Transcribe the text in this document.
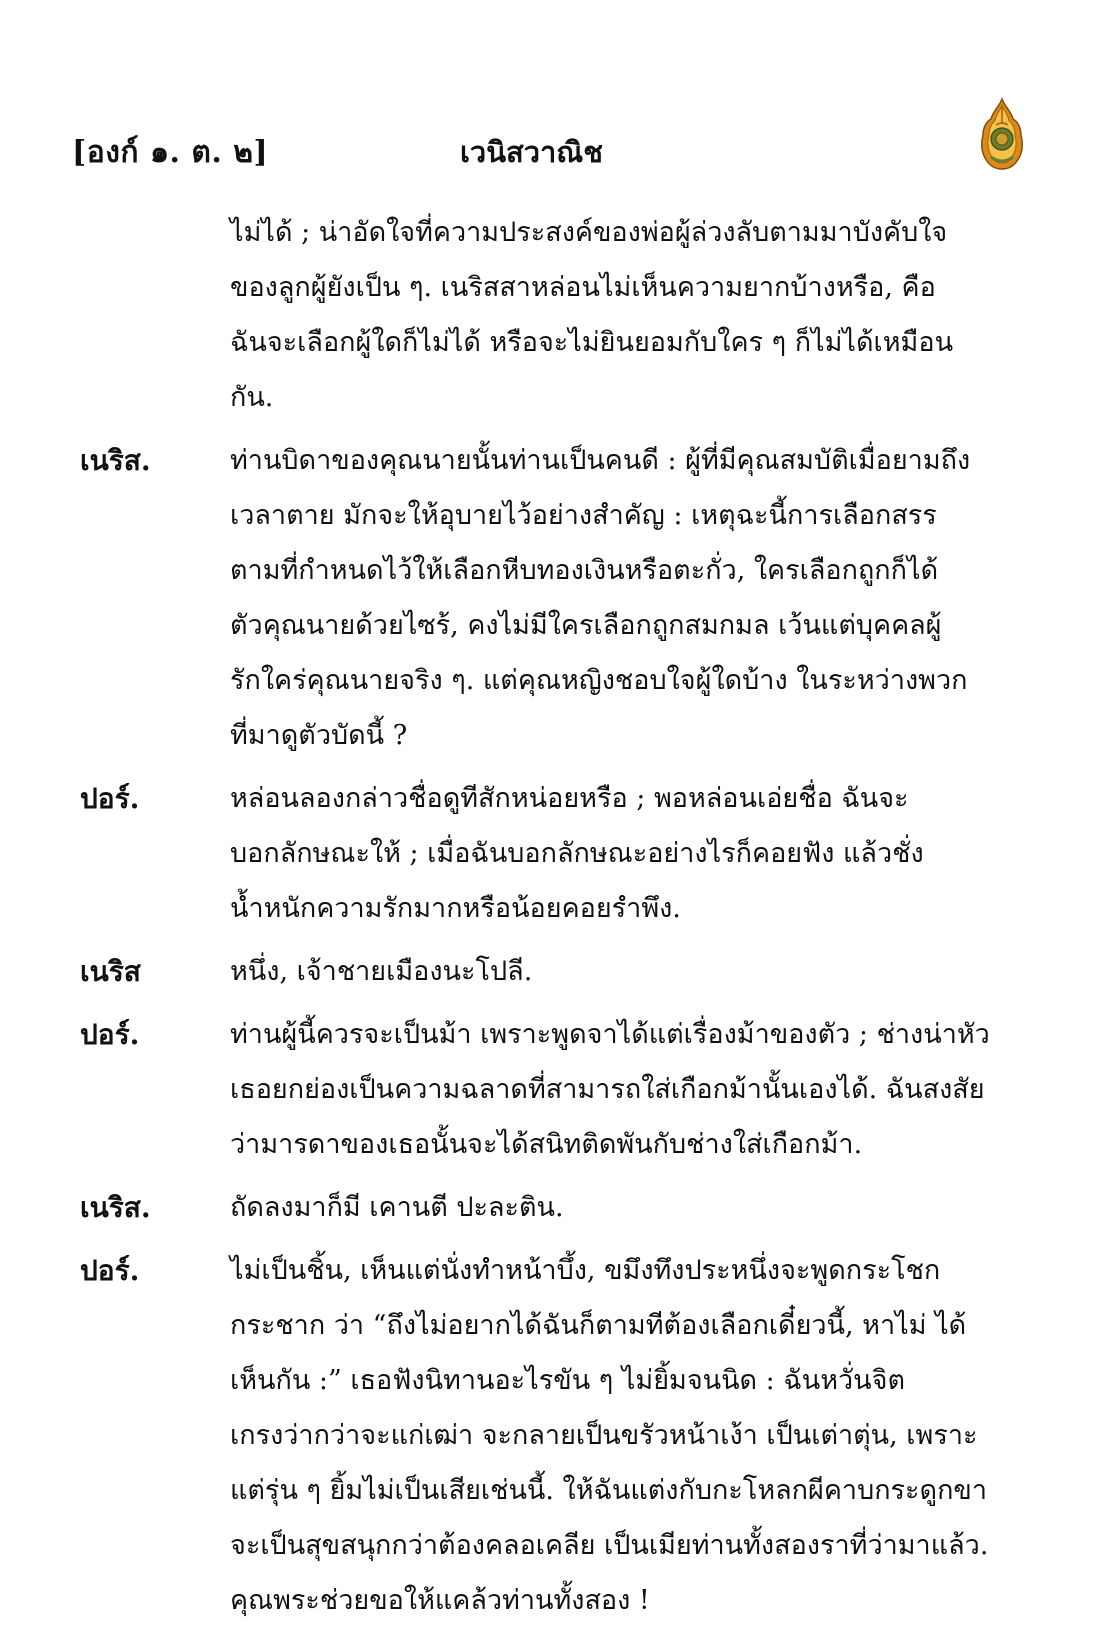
[องก์ ๑. ต. ๒]	เวนิสวาณิช
ไม่ได้ ; น่าอัดใจที่ความประสงค์ของพ่อผู้ล่วงลับตามมาบังคับใจ
ของลูกผู้ยังเป็น ๆ. เนริสสาหล่อนไม่เห็นความยากบ้างหรือ, คือ
ฉันจะเลือกผู้ใดก็ไม่ได้ หรือจะไม่ยินยอมกับใคร ๆ ก็ไม่ได้เหมือน
กัน.
เนริส.	ท่านบิดาของคุณนายนั้นท่านเป็นคนดี : ผู้ที่มีคุณสมบัติเมื่อยามถึง
เวลาตาย มักจะให้อุบายไว้อย่างสำคัญ : เหตุฉะนี้การเลือกสรร
ตามที่กำหนดไว้ให้เลือกหีบทองเงินหรือตะกั่ว, ใครเลือกถูกก็ได้
ตัวคุณนายด้วยไซร้, คงไม่มีใครเลือกถูกสมกมล เว้นแต่บุคคลผู้
รักใคร่คุณนายจริง ๆ. แต่คุณหญิงชอบใจผู้ใดบ้าง ในระหว่างพวก
ที่มาดูตัวบัดนี้ ?
ปอร์.	หล่อนลองกล่าวชื่อดูทีสักหน่อยหรือ ; พอหล่อนเอ่ยชื่อ ฉันจะ
บอกลักษณะให้ ; เมื่อฉันบอกลักษณะอย่างไรก็คอยฟัง แล้วชั่ง
น้ำหนักความรักมากหรือน้อยคอยรำพึง.
เนริส	หนึ่ง, เจ้าชายเมืองนะโปลี.
ปอร์.	ท่านผู้นี้ควรจะเป็นม้า เพราะพูดจาได้แต่เรื่องม้าของตัว ; ช่างน่าหัว
เธอยกย่องเป็นความฉลาดที่สามารถใส่เกือกม้านั้นเองได้. ฉันสงสัย
ว่ามารดาของเธอนั้นจะได้สนิทติดพันกับช่างใส่เกือกม้า.
เนริส.	ถัดลงมาก็มี เคานตี ปะละติน.
ปอร์.	ไม่เป็นชิ้น, เห็นแต่นั่งทำหน้าบึ้ง, ขมึงทึงประหนึ่งจะพูดกระโชก
กระชาก ว่า “ถึงไม่อยากได้ฉันก็ตามทีต้องเลือกเดี๋ยวนี้, หาไม่ ได้
เห็นกัน :” เธอฟังนิทานอะไรขัน ๆ ไม่ยิ้มจนนิด : ฉันหวั่นจิต
เกรงว่ากว่าจะแก่เฒ่า จะกลายเป็นขรัวหน้าเง้า เป็นเต่าตุ่น, เพราะ
แต่รุ่น ๆ ยิ้มไม่เป็นเสียเช่นนี้. ให้ฉันแต่งกับกะโหลกผีคาบกระดูกขา
จะเป็นสุขสนุกกว่าต้องคลอเคลีย เป็นเมียท่านทั้งสองราที่ว่ามาแล้ว.
คุณพระช่วยขอให้แคล้วท่านทั้งสอง !
